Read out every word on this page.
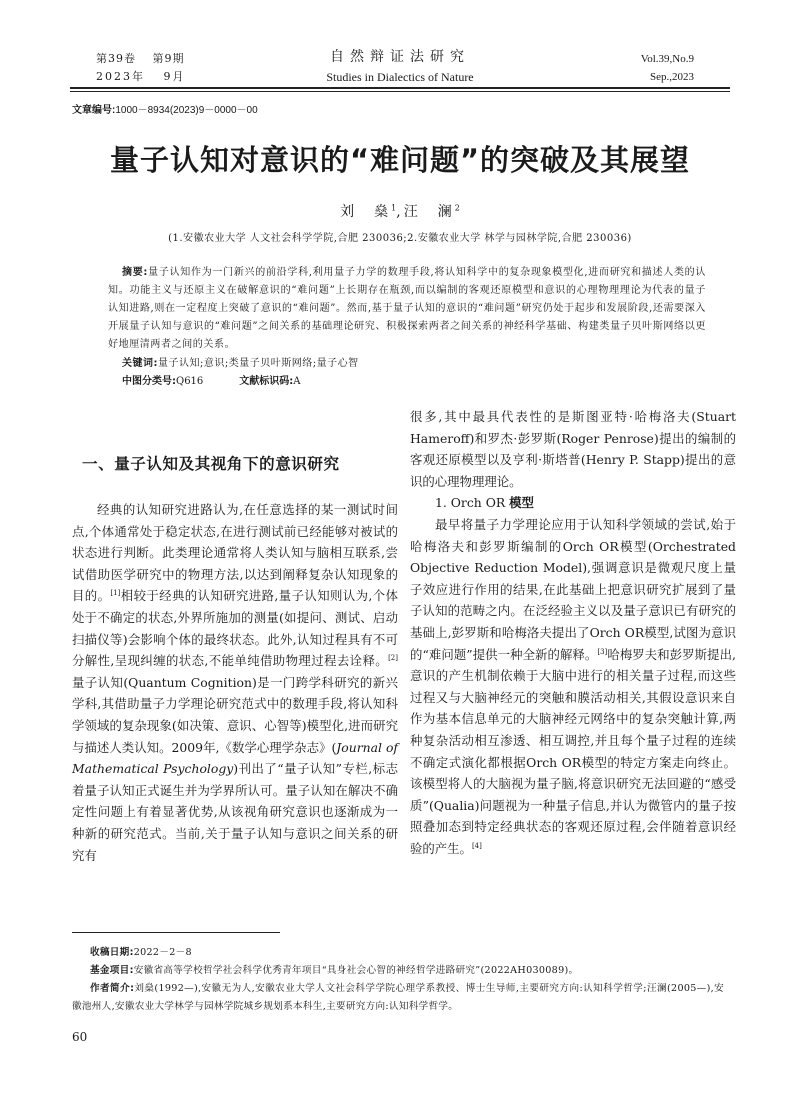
第39卷　 第9期
2023年　 9月
自然辩证法研究
Studies in Dialectics of Nature
Vol.39,No.9
Sep.,2023
文章编号:1000－8934(2023)9－0000－00
量子认知对意识的“难问题”的突破及其展望
刘　燊$^1$,汪　澜$^2$
(1.安徽农业大学 人文社会科学学院,合肥 230036;2.安徽农业大学 林学与园林学院,合肥 230036)

摘要:量子认知作为一门新兴的前沿学科,利用量子力学的数理手段,将认知科学中的复杂现象模型化,进而研究和描述人类的认知。功能主义与还原主义在破解意识的“难问题”上长期存在瓶颈,而以编制的客观还原模型和意识的心理物理理论为代表的量子认知进路,则在一定程度上突破了意识的“难问题”。然而,基于量子认知的意识的“难问题”研究仍处于起步和发展阶段,还需要深入开展量子认知与意识的“难问题”之间关系的基础理论研究、积极探索两者之间关系的神经科学基础、构建类量子贝叶斯网络以更好地厘清两者之间的关系。

关键词:量子认知;意识;类量子贝叶斯网络;量子心智
中图分类号:Q616	文献标识码:A
一、量子认知及其视角下的意识研究

经典的认知研究进路认为,在任意选择的某一测试时间点,个体通常处于稳定状态,在进行测试前已经能够对被试的状态进行判断。此类理论通常将人类认知与脑相互联系,尝试借助医学研究中的物理方法,以达到阐释复杂认知现象的目的。[1]相较于经典的认知研究进路,量子认知则认为,个体处于不确定的状态,外界所施加的测量(如提问、测试、启动扫描仪等)会影响个体的最终状态。此外,认知过程具有不可分解性,呈现纠缠的状态,不能单纯借助物理过程去诠释。[2]量子认知(Quantum Cognition)是一门跨学科研究的新兴学科,其借助量子力学理论研究范式中的数理手段,将认知科学领域的复杂现象(如决策、意识、心智等)模型化,进而研究与描述人类认知。2009年,《数学心理学杂志》(Journal of Mathematical Psychology)刊出了“量子认知”专栏,标志着量子认知正式诞生并为学界所认可。量子认知在解决不确定性问题上有着显著优势,从该视角研究意识也逐渐成为一种新的研究范式。当前,关于量子认知与意识之间关系的研究有

很多,其中最具代表性的是斯图亚特·哈梅洛夫(Stuart Hameroff)和罗杰·彭罗斯(Roger Penrose)提出的编制的客观还原模型以及亨利·斯塔普(Henry P. Stapp)提出的意识的心理物理理论。

1. Orch OR 模型

最早将量子力学理论应用于认知科学领域的尝试,始于哈梅洛夫和彭罗斯编制的Orch OR模型(Orchestrated Objective Reduction Model),强调意识是微观尺度上量子效应进行作用的结果,在此基础上把意识研究扩展到了量子认知的范畴之内。在泛经验主义以及量子意识已有研究的基础上,彭罗斯和哈梅洛夫提出了Orch OR模型,试图为意识的“难问题”提供一种全新的解释。[3]哈梅罗夫和彭罗斯提出,意识的产生机制依赖于大脑中进行的相关量子过程,而这些过程又与大脑神经元的突触和膜活动相关,其假设意识来自作为基本信息单元的大脑神经元网络中的复杂突触计算,两种复杂活动相互渗透、相互调控,并且每个量子过程的连续不确定式演化都根据Orch OR模型的特定方案走向终止。该模型将人的大脑视为量子脑,将意识研究无法回避的“感受质”(Qualia)问题视为一种量子信息,并认为微管内的量子按照叠加态到特定经典状态的客观还原过程,会伴随着意识经验的产生。[4]

收稿日期:2022－2－8
基金项目:安徽省高等学校哲学社会科学优秀青年项目“具身社会心智的神经哲学进路研究”(2022AH030089)。

作者简介:刘燊(1992—),安徽无为人,安徽农业大学人文社会科学学院心理学系教授、博士生导师,主要研究方向:认知科学哲学;汪澜(2005—),安徽池州人,安徽农业大学林学与园林学院城乡规划系本科生,主要研究方向:认知科学哲学。

60
